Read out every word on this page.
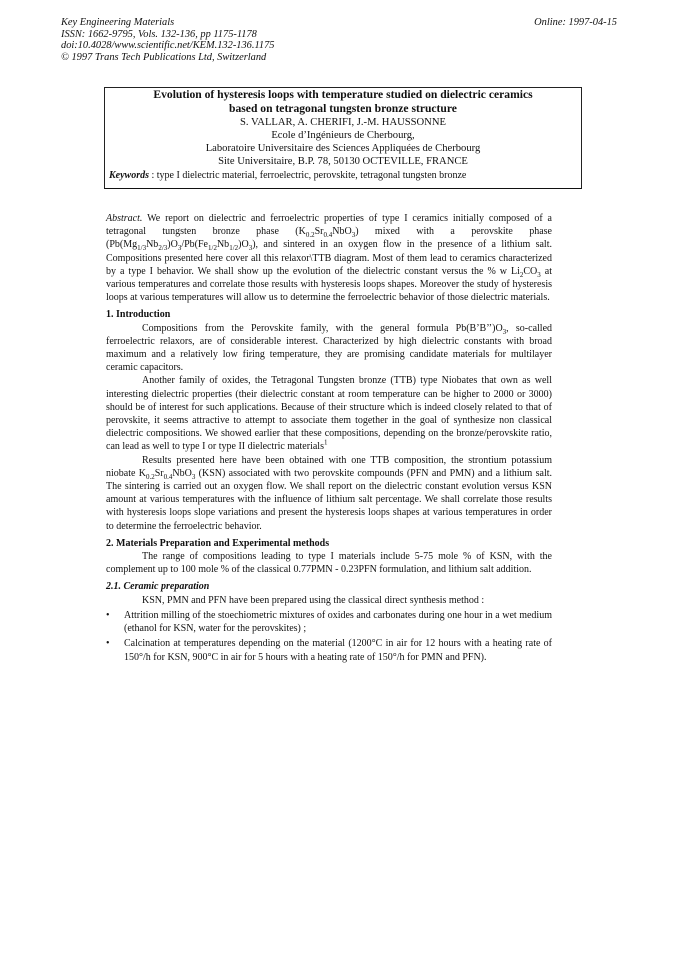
Key Engineering Materials
ISSN: 1662-9795, Vols. 132-136, pp 1175-1178
doi:10.4028/www.scientific.net/KEM.132-136.1175
© 1997 Trans Tech Publications Ltd, Switzerland
Online: 1997-04-15
Evolution of hysteresis loops with temperature studied on dielectric ceramics
based on tetragonal tungsten bronze structure
S. VALLAR, A. CHERIFI, J.-M. HAUSSONNE
Ecole d’Ingénieurs de Cherbourg,
Laboratoire Universitaire des Sciences Appliquées de Cherbourg
Site Universitaire, B.P. 78, 50130 OCTEVILLE, FRANCE
Keywords : type I dielectric material, ferroelectric, perovskite, tetragonal tungsten bronze

Abstract. We report on dielectric and ferroelectric properties of type I ceramics initially composed of a tetragonal tungsten bronze phase $(K_{0.2}Sr_{0.4}NbO_3)$ mixed with a perovskite phase $(Pb(Mg_{1/3}Nb_{2/3})O_3/Pb(Fe_{1/2}Nb_{1/2})O_3)$, and sintered in an oxygen flow in the presence of a lithium salt. Compositions presented here cover all this relaxor\TTB diagram. Most of them lead to ceramics characterized by a type I behavior. We shall show up the evolution of the dielectric constant versus the % w $Li_2CO_3$ at various temperatures and correlate those results with hysteresis loops shapes. Moreover the study of hysteresis loops at various temperatures will allow us to determine the ferroelectric behavior of those dielectric materials.

1. Introduction

Compositions from the Perovskite family, with the general formula $Pb(B’B’’)O_3$, so-called ferroelectric relaxors, are of considerable interest. Characterized by high dielectric constants with broad maximum and a relatively low firing temperature, they are promising candidate materials for multilayer ceramic capacitors.

Another family of oxides, the Tetragonal Tungsten bronze (TTB) type Niobates that own as well interesting dielectric properties (their dielectric constant at room temperature can be higher to 2000 or 3000) should be of interest for such applications. Because of their structure which is indeed closely related to that of perovskite, it seems attractive to attempt to associate them together in the goal of synthesize non classical dielectric compositions. We showed earlier that these compositions, depending on the bronze/perovskite ratio, can lead as well to type I or type II dielectric materials$^1$

Results presented here have been obtained with one TTB composition, the strontium potassium niobate $K_{0.2}Sr_{0.4}NbO_3$ (KSN) associated with two perovskite compounds (PFN and PMN) and a lithium salt. The sintering is carried out an oxygen flow. We shall report on the dielectric constant evolution versus KSN amount at various temperatures with the influence of lithium salt percentage. We shall correlate those results with hysteresis loops slope variations and present the hysteresis loops shapes at various temperatures in order to determine the ferroelectric behavior.

2. Materials Preparation and Experimental methods

The range of compositions leading to type I materials include 5-75 mole % of KSN, with the complement up to 100 mole % of the classical 0.77PMN - 0.23PFN formulation, and lithium salt addition.

2.1. Ceramic preparation

KSN, PMN and PFN have been prepared using the classical direct synthesis method :

• Attrition milling of the stoechiometric mixtures of oxides and carbonates during one hour in a wet medium (ethanol for KSN, water for the perovskites) ;
• Calcination at temperatures depending on the material (1200°C in air for 12 hours with a heating rate of 150°/h for KSN, 900°C in air for 5 hours with a heating rate of 150°/h for PMN and PFN).
